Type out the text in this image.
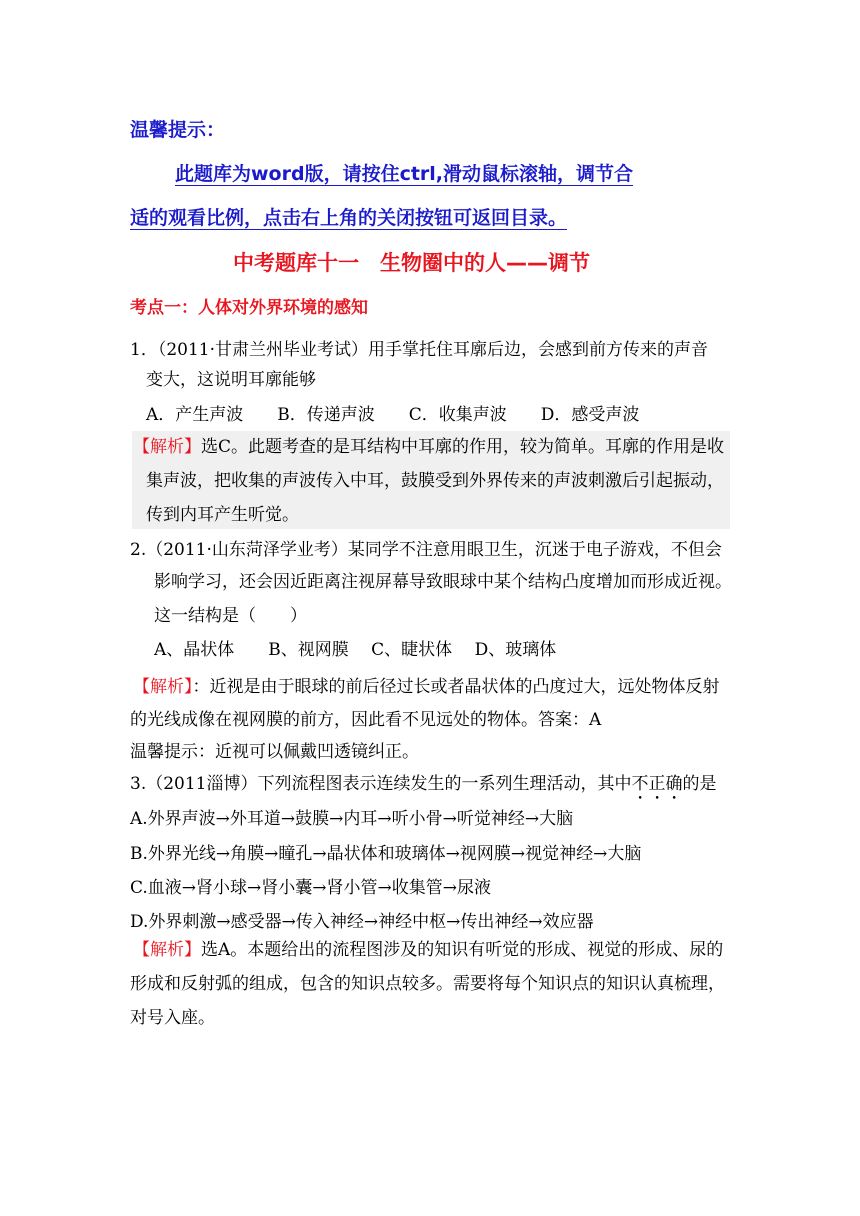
温馨提示：
此题库为word版，请按住ctrl,滑动鼠标滚轴，调节合
适的观看比例，点击右上角的关闭按钮可返回目录。
中考题库十一　生物圈中的人——调节
考点一：人体对外界环境的感知
1．（2011·甘肃兰州毕业考试）用手掌托住耳廓后边，会感到前方传来的声音
变大，这说明耳廓能够
A．产生声波　　B．传递声波　　C．收集声波　　D．感受声波
【解析】选C。此题考查的是耳结构中耳廓的作用，较为简单。耳廓的作用是收
集声波，把收集的声波传入中耳，鼓膜受到外界传来的声波刺激后引起振动，
传到内耳产生听觉。
2.（2011·山东菏泽学业考）某同学不注意用眼卫生，沉迷于电子游戏，不但会
影响学习，还会因近距离注视屏幕导致眼球中某个结构凸度增加而形成近视。
这一结构是（　　）
A、晶状体　　B、视网膜　 C、睫状体　 D、玻璃体
【解析】：近视是由于眼球的前后径过长或者晶状体的凸度过大，远处物体反射
的光线成像在视网膜的前方，因此看不见远处的物体。答案：A
温馨提示：近视可以佩戴凹透镜纠正。
3.（2011淄博）下列流程图表示连续发生的一系列生理活动，其中不正确的是
A.外界声波→外耳道→鼓膜→内耳→听小骨→听觉神经→大脑
B.外界光线→角膜→瞳孔→晶状体和玻璃体→视网膜→视觉神经→大脑
C.血液→肾小球→肾小囊→肾小管→收集管→尿液
D.外界刺激→感受器→传入神经→神经中枢→传出神经→效应器
【解析】选A。本题给出的流程图涉及的知识有听觉的形成、视觉的形成、尿的
形成和反射弧的组成，包含的知识点较多。需要将每个知识点的知识认真梳理，
对号入座。
